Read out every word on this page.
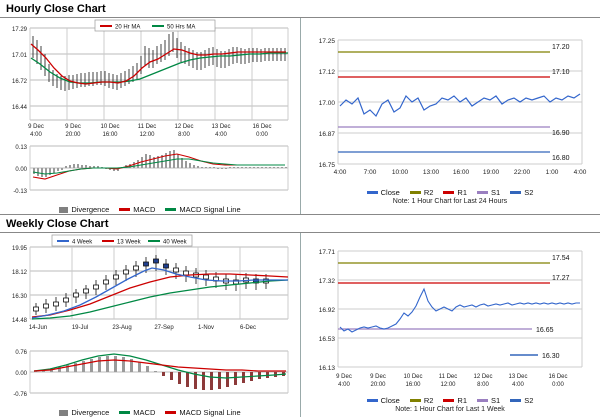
Hourly Close Chart
17.29
17.01
16.72
16.44
20 Hr MA	50 Hrs MA
9 Dec
4:00
9 Dec
20:00
10 Dec
16:00
11 Dec
12:00
12 Dec
8:00
13 Dec
4:00
16 Dec
0:00
0.13
0.00
-0.13
Divergence	MACD	MACD Signal Line
17.25
17.12
17.00
16.87
16.75
17.20
17.10
16.90
16.80
4:00	7:00 10:00 13:00 16:00 19:00 22:00 1:00 4:00
Close	R2	R1	S1	S2
Note: 1 Hour Chart for Last 24 Hours
Weekly Close Chart
19.95
18.12
16.30
14.48
4 Week	13 Week	40 Week
14-Jun	19-Jul	23-Aug	27-Sep	1-Nov	6-Dec
0.76
0.00
-0.76
Divergence	MACD	MACD Signal Line
17.71
17.32
16.92
16.53
16.13
17.54
17.27
16.65
16.30
9 Dec
4:00
9 Dec
20:00
10 Dec
16:00
11 Dec
12:00
12 Dec
8:00
13 Dec
4:00
16 Dec
0:00
Close	R2	R1	S1	S2
Note: 1 Hour Chart for Last 1 Week
